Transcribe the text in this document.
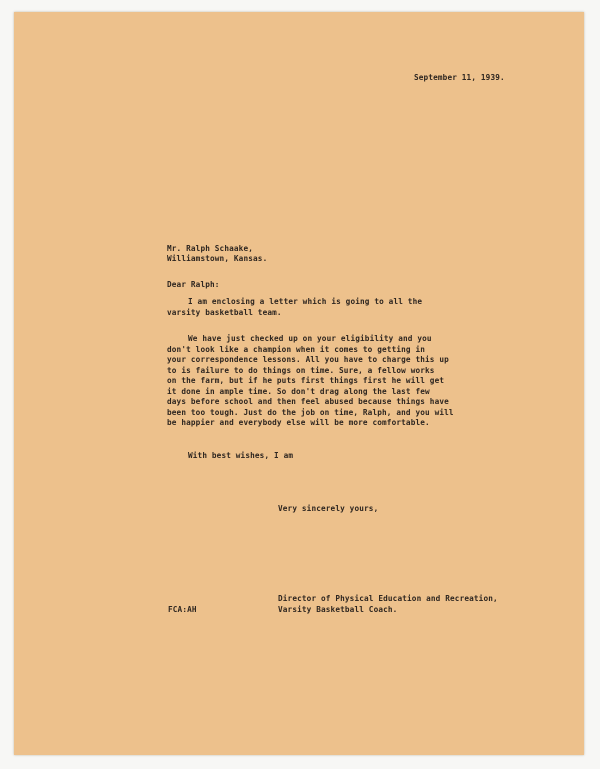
September 11, 1939.

Mr. Ralph Schaake,

Williamstown, Kansas.

Dear Ralph:

I am enclosing a letter which is going to all the
varsity basketball team.
We have just checked up on your eligibility and you
don't look like a champion when it comes to getting in
your correspondence lessons. All you have to charge this up
to is failure to do things on time. Sure, a fellow works
on the farm, but if he puts first things first he will get
it done in ample time. So don't drag along the last few
days before school and then feel abused because things have
been too tough. Just do the job on time, Ralph, and you will
be happier and everybody else will be more comfortable.

With best wishes, I am

Very sincerely yours,

Director of Physical Education and Recreation,
Varsity Basketball Coach.

FCA:AH
